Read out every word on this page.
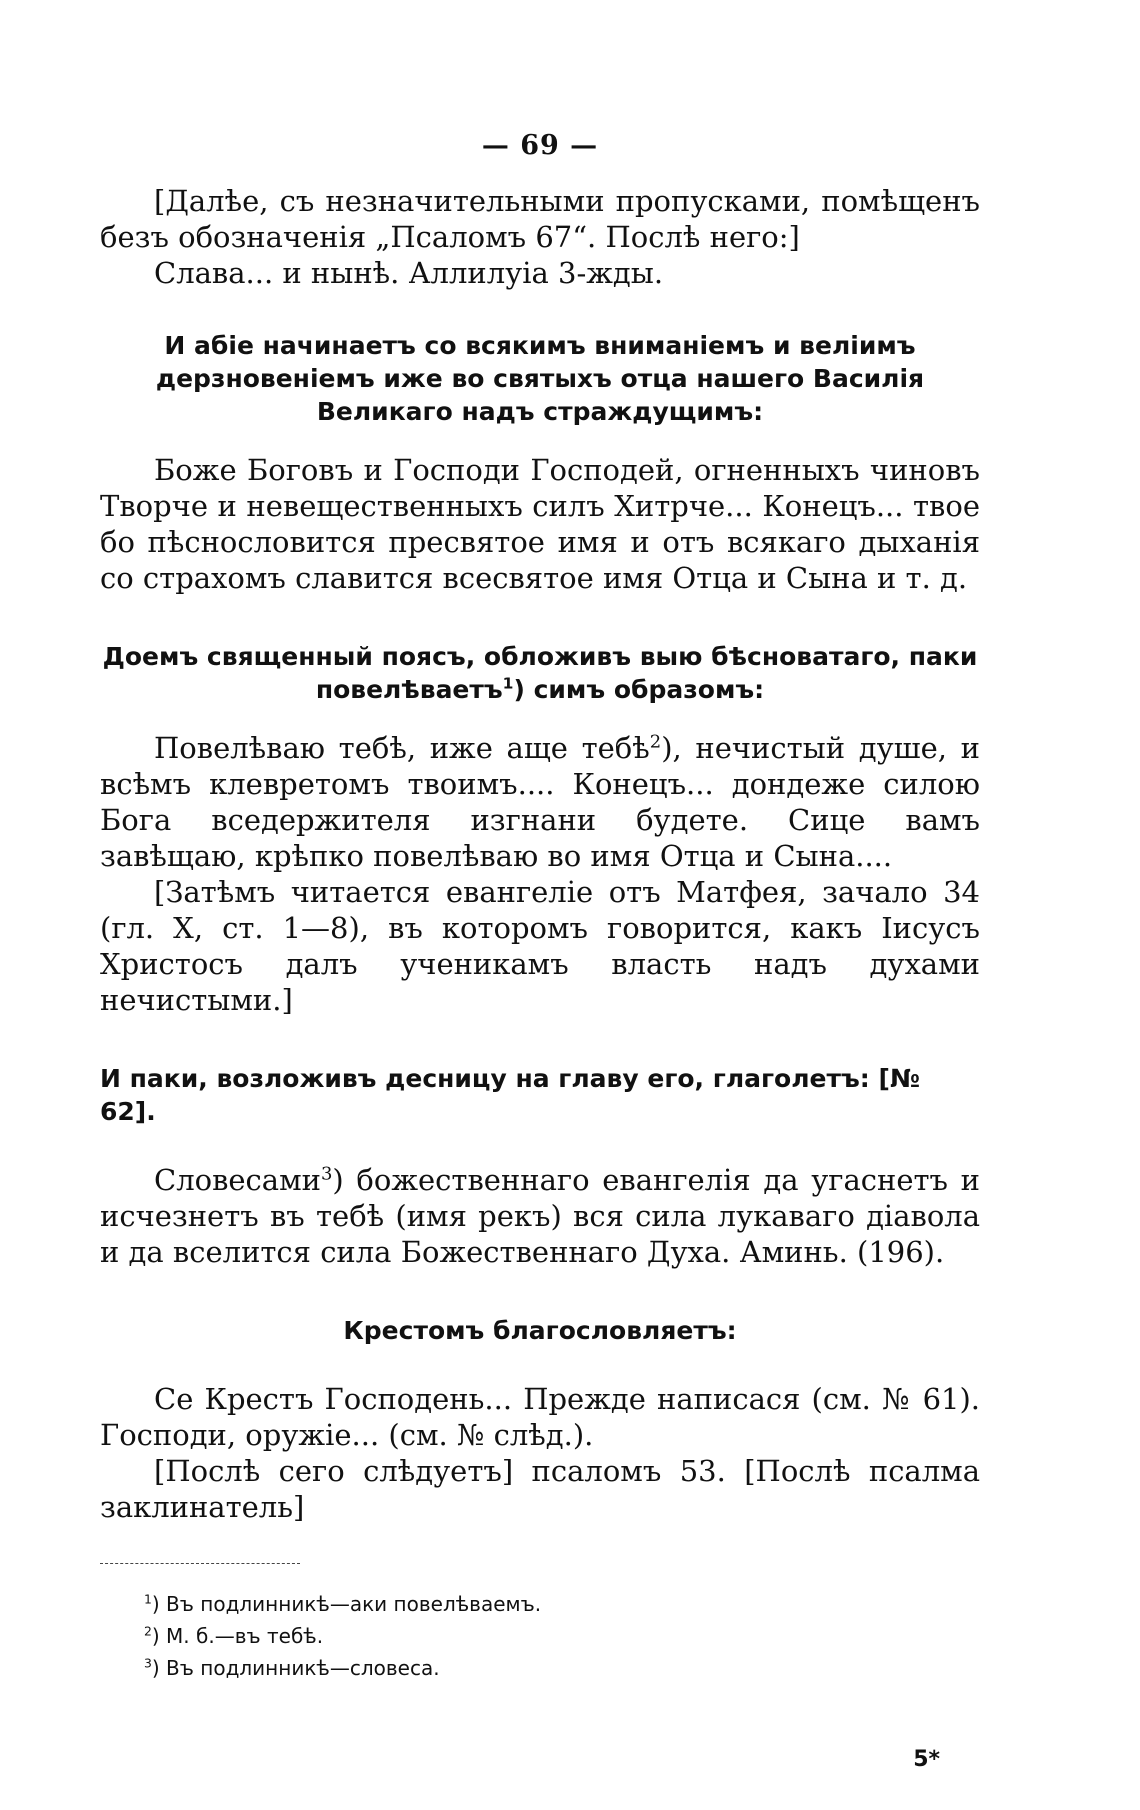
— 69 —

[Далѣе, съ незначительными пропусками, помѣщенъ безъ обозначенія „Псаломъ 67“. Послѣ него:]

Слава... и нынѣ. Аллилуіа 3-жды.

И абіе начинаетъ со всякимъ вниманіемъ и веліимъ дерзновеніемъ иже во святыхъ отца нашего Василія Великаго надъ страждущимъ:

Боже Боговъ и Господи Господей, огненныхъ чиновъ Творче и невещественныхъ силъ Хитрче... Конецъ... твое бо пѣснословится пресвятое имя и отъ всякаго дыханія со страхомъ славится всесвятое имя Отца и Сына и т. д.

Доемъ священный поясъ, обложивъ выю бѣсноватаго, паки повелѣваетъ$^1$) симъ образомъ:

Повелѣваю тебѣ, иже аще тебѣ$^2$), нечистый душе, и всѣмъ клевретомъ твоимъ.... Конецъ... дондеже силою Бога вседержителя изгнани будете. Сице вамъ завѣщаю, крѣпко повелѣваю во имя Отца и Сына....

[Затѣмъ читается евангеліе отъ Матфея, зачало 34 (гл. X, ст. 1—8), въ которомъ говорится, какъ Іисусъ Христосъ далъ ученикамъ власть надъ духами нечистыми.]

И паки, возложивъ десницу на главу его, глаголетъ: [№ 62].

Словесами$^3$) божественнаго евангелія да угаснетъ и исчезнетъ въ тебѣ (имя рекъ) вся сила лукаваго діавола и да вселится сила Божественнаго Духа. Аминь. (196).

Крестомъ благословляетъ:

Се Крестъ Господень... Прежде написася (см. № 61). Господи, оружіе... (см. № слѣд.).

[Послѣ сего слѣдуетъ] псаломъ 53. [Послѣ псалма заклинатель]

$^1$) Въ подлинникѣ—аки повелѣваемъ.

$^2$) М. б.—въ тебѣ.

$^3$) Въ подлинникѣ—словеса.

5*
